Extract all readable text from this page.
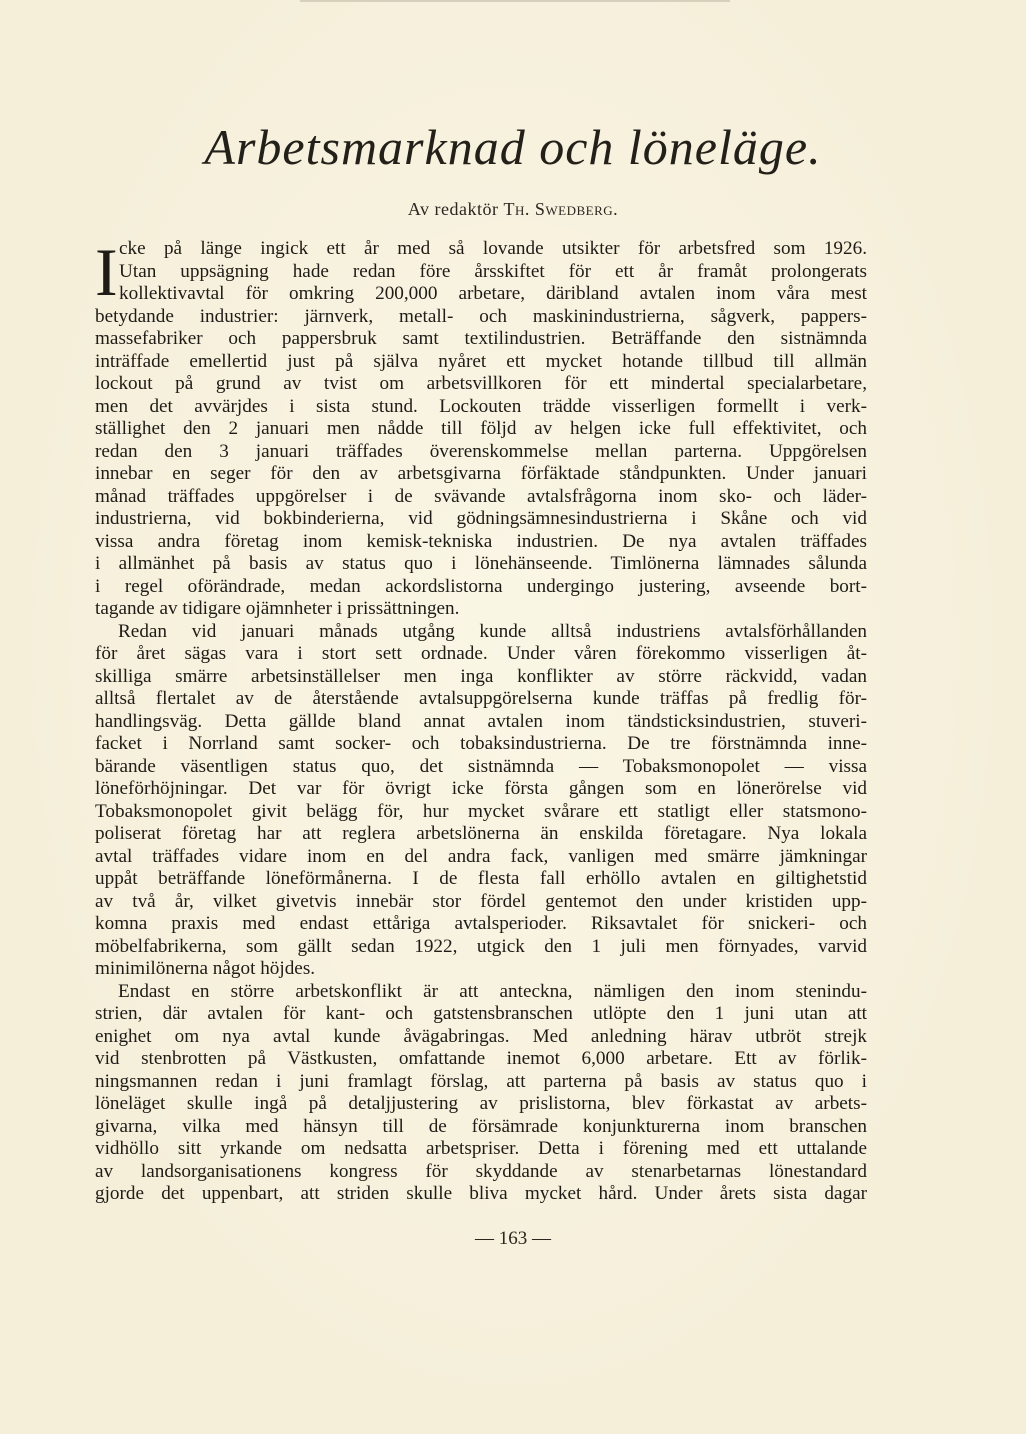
Arbetsmarknad och löneläge.
Av redaktör Th. Swedberg.
I cke på länge ingick ett år med så lovande utsikter för arbetsfred som 1926.
Utan uppsägning hade redan före årsskiftet för ett år framåt prolongerats
kollektivavtal för omkring 200,000 arbetare, däribland avtalen inom våra mest
betydande industrier: järnverk, metall- och maskinindustrierna, sågverk, pappers-
massefabriker och pappersbruk samt textilindustrien. Beträffande den sistnämnda
inträffade emellertid just på själva nyåret ett mycket hotande tillbud till allmän
lockout på grund av tvist om arbetsvillkoren för ett mindertal specialarbetare,
men det avvärjdes i sista stund. Lockouten trädde visserligen formellt i verk-
ställighet den 2 januari men nådde till följd av helgen icke full effektivitet, och
redan den 3 januari träffades överenskommelse mellan parterna. Uppgörelsen
innebar en seger för den av arbetsgivarna förfäktade ståndpunkten. Under januari
månad träffades uppgörelser i de svävande avtalsfrågorna inom sko- och läder-
industrierna, vid bokbinderierna, vid gödningsämnesindustrierna i Skåne och vid
vissa andra företag inom kemisk-tekniska industrien. De nya avtalen träffades
i allmänhet på basis av status quo i lönehänseende. Timlönerna lämnades sålunda
i regel oförändrade, medan ackordslistorna undergingo justering, avseende bort-
tagande av tidigare ojämnheter i prissättningen.
Redan vid januari månads utgång kunde alltså industriens avtalsförhållanden
för året sägas vara i stort sett ordnade. Under våren förekommo visserligen åt-
skilliga smärre arbetsinställelser men inga konflikter av större räckvidd, vadan
alltså flertalet av de återstående avtalsuppgörelserna kunde träffas på fredlig för-
handlingsväg. Detta gällde bland annat avtalen inom tändsticksindustrien, stuveri-
facket i Norrland samt socker- och tobaksindustrierna. De tre förstnämnda inne-
bärande väsentligen status quo, det sistnämnda — Tobaksmonopolet — vissa
löneförhöjningar. Det var för övrigt icke första gången som en lönerörelse vid
Tobaksmonopolet givit belägg för, hur mycket svårare ett statligt eller statsmono-
poliserat företag har att reglera arbetslönerna än enskilda företagare. Nya lokala
avtal träffades vidare inom en del andra fack, vanligen med smärre jämkningar
uppåt beträffande löneförmånerna. I de flesta fall erhöllo avtalen en giltighetstid
av två år, vilket givetvis innebär stor fördel gentemot den under kristiden upp-
komna praxis med endast ettåriga avtalsperioder. Riksavtalet för snickeri- och
möbelfabrikerna, som gällt sedan 1922, utgick den 1 juli men förnyades, varvid
minimilönerna något höjdes.
Endast en större arbetskonflikt är att anteckna, nämligen den inom stenindu-
strien, där avtalen för kant- och gatstensbranschen utlöpte den 1 juni utan att
enighet om nya avtal kunde åvägabringas. Med anledning härav utbröt strejk
vid stenbrotten på Västkusten, omfattande inemot 6,000 arbetare. Ett av förlik-
ningsmannen redan i juni framlagt förslag, att parterna på basis av status quo i
löneläget skulle ingå på detaljjustering av prislistorna, blev förkastat av arbets-
givarna, vilka med hänsyn till de försämrade konjunkturerna inom branschen
vidhöllo sitt yrkande om nedsatta arbetspriser. Detta i förening med ett uttalande
av landsorganisationens kongress för skyddande av stenarbetarnas lönestandard
gjorde det uppenbart, att striden skulle bliva mycket hård. Under årets sista dagar
— 163 —
